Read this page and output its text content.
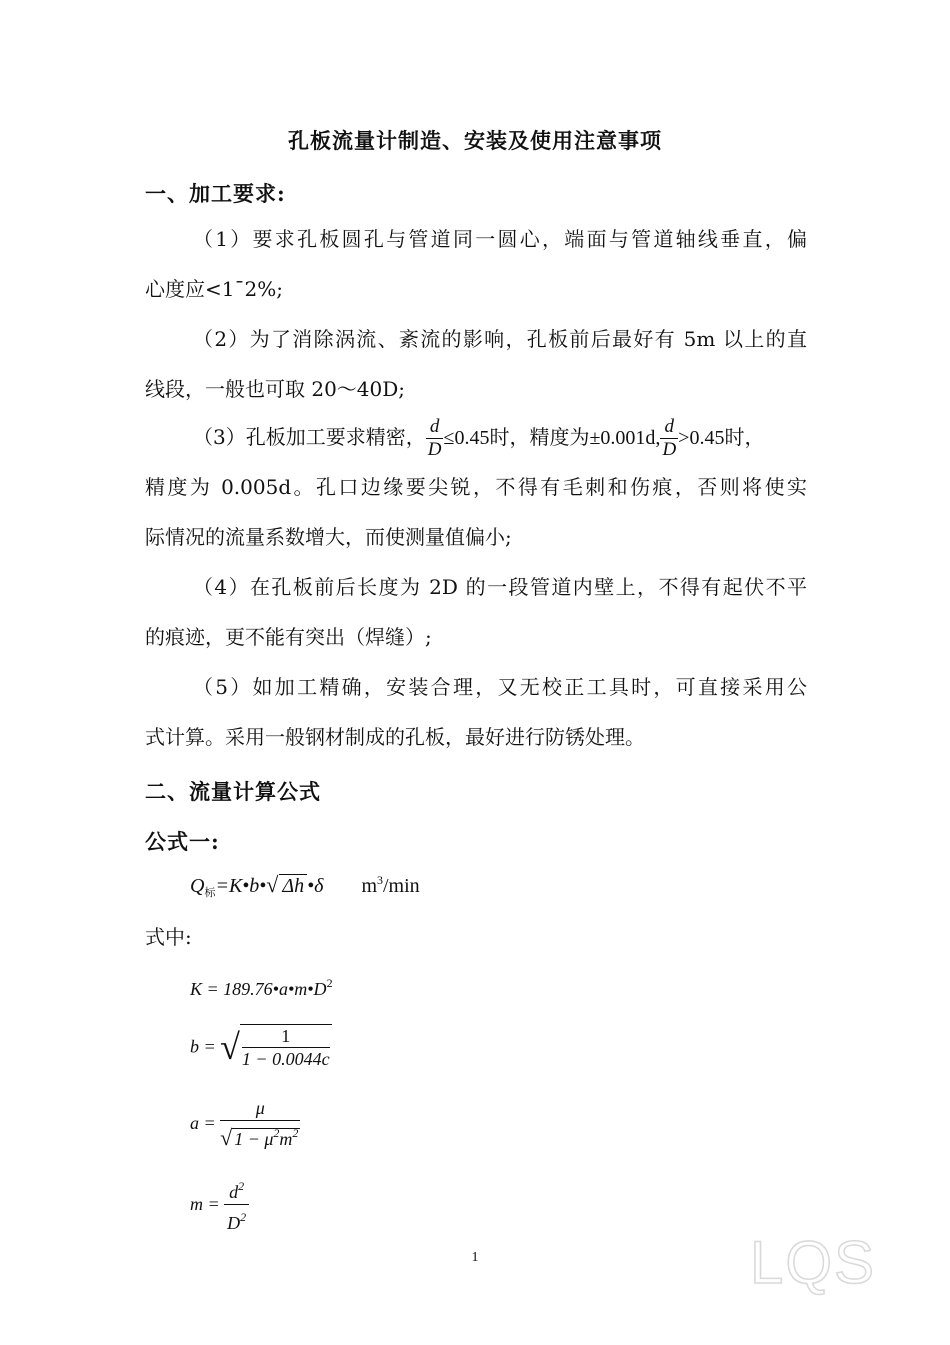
孔板流量计制造、安装及使用注意事项
一、加工要求:
（1）要求孔板圆孔与管道同一圆心，端面与管道轴线垂直，偏
心度应<1¯2%;
（2）为了消除涡流、紊流的影响，孔板前后最好有 5m 以上的直
线段，一般也可取 20～40D;
（3）孔板加工要求精密， $\frac{d}{D} \le 0.45$时，精度为±0.001d, $\frac{d}{D} >0.45$时，
精度为 0.005d。孔口边缘要尖锐，不得有毛刺和伤痕，否则将使实
际情况的流量系数增大，而使测量值偏小;
（4）在孔板前后长度为 2D 的一段管道内壁上，不得有起伏不平
的痕迹，更不能有突出（焊缝）;
（5）如加工精确，安装合理，又无校正工具时，可直接采用公
式计算。采用一般钢材制成的孔板，最好进行防锈处理。
二、流量计算公式
公式一:
$Q_标=K•b•√$ Δh •δ $m^3/\min$
式中:
$K = 189.76•a•m•D^2$
b = √ $\frac{1}{1 - 0.0044c}$
$a = \frac{\mu}{√ 1 - \mu^2m^2}$
$m = \frac{d^2}{D^2}$
1	LQS
